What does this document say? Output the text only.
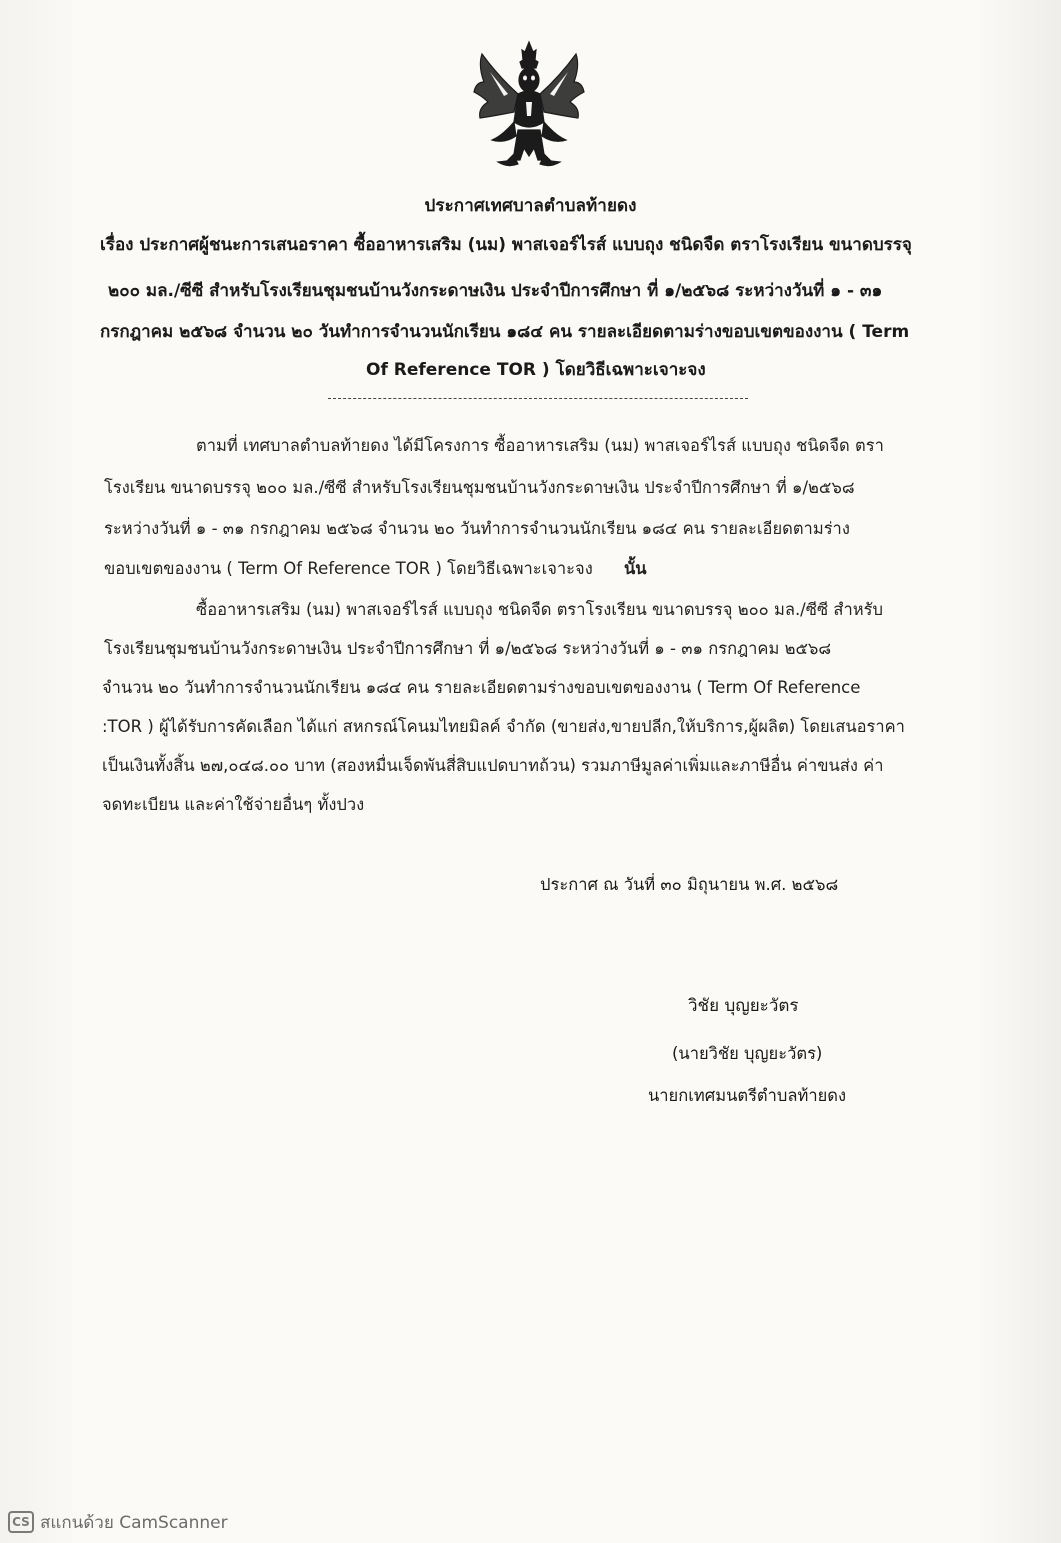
ประกาศเทศบาลตำบลท้ายดง
เรื่อง ประกาศผู้ชนะการเสนอราคา ซื้ออาหารเสริม (นม) พาสเจอร์ไรส์ แบบถุง ชนิดจืด ตราโรงเรียน ขนาดบรรจุ
๒๐๐ มล./ซีซี สำหรับโรงเรียนชุมชนบ้านวังกระดาษเงิน ประจำปีการศึกษา ที่ ๑/๒๕๖๘ ระหว่างวันที่ ๑ - ๓๑
กรกฎาคม ๒๕๖๘ จำนวน ๒๐ วันทำการจำนวนนักเรียน ๑๘๔ คน รายละเอียดตามร่างขอบเขตของงาน ( Term
Of Reference TOR ) โดยวิธีเฉพาะเจาะจง
ตามที่ เทศบาลตำบลท้ายดง ได้มีโครงการ ซื้ออาหารเสริม (นม) พาสเจอร์ไรส์ แบบถุง ชนิดจืด ตรา
โรงเรียน ขนาดบรรจุ ๒๐๐ มล./ซีซี สำหรับโรงเรียนชุมชนบ้านวังกระดาษเงิน ประจำปีการศึกษา ที่ ๑/๒๕๖๘
ระหว่างวันที่ ๑ - ๓๑ กรกฎาคม ๒๕๖๘ จำนวน ๒๐ วันทำการจำนวนนักเรียน ๑๘๔ คน รายละเอียดตามร่าง
ขอบเขตของงาน ( Term Of Reference TOR ) โดยวิธีเฉพาะเจาะจง นั้น
ซื้ออาหารเสริม (นม) พาสเจอร์ไรส์ แบบถุง ชนิดจืด ตราโรงเรียน ขนาดบรรจุ ๒๐๐ มล./ซีซี สำหรับ
โรงเรียนชุมชนบ้านวังกระดาษเงิน ประจำปีการศึกษา ที่ ๑/๒๕๖๘ ระหว่างวันที่ ๑ - ๓๑ กรกฎาคม ๒๕๖๘
จำนวน ๒๐ วันทำการจำนวนนักเรียน ๑๘๔ คน รายละเอียดตามร่างขอบเขตของงาน ( Term Of Reference
:TOR ) ผู้ได้รับการคัดเลือก ได้แก่ สหกรณ์โคนมไทยมิลค์ จำกัด (ขายส่ง,ขายปลีก,ให้บริการ,ผู้ผลิต) โดยเสนอราคา
เป็นเงินทั้งสิ้น ๒๗,๐๔๘.๐๐ บาท (สองหมื่นเจ็ดพันสี่สิบแปดบาทถ้วน) รวมภาษีมูลค่าเพิ่มและภาษีอื่น ค่าขนส่ง ค่า
จดทะเบียน และค่าใช้จ่ายอื่นๆ ทั้งปวง
ประกาศ ณ วันที่ ๓๐ มิถุนายน พ.ศ. ๒๕๖๘
วิชัย บุญยะวัตร
(นายวิชัย บุญยะวัตร)
นายกเทศมนตรีตำบลท้ายดง
CS สแกนด้วย CamScanner
